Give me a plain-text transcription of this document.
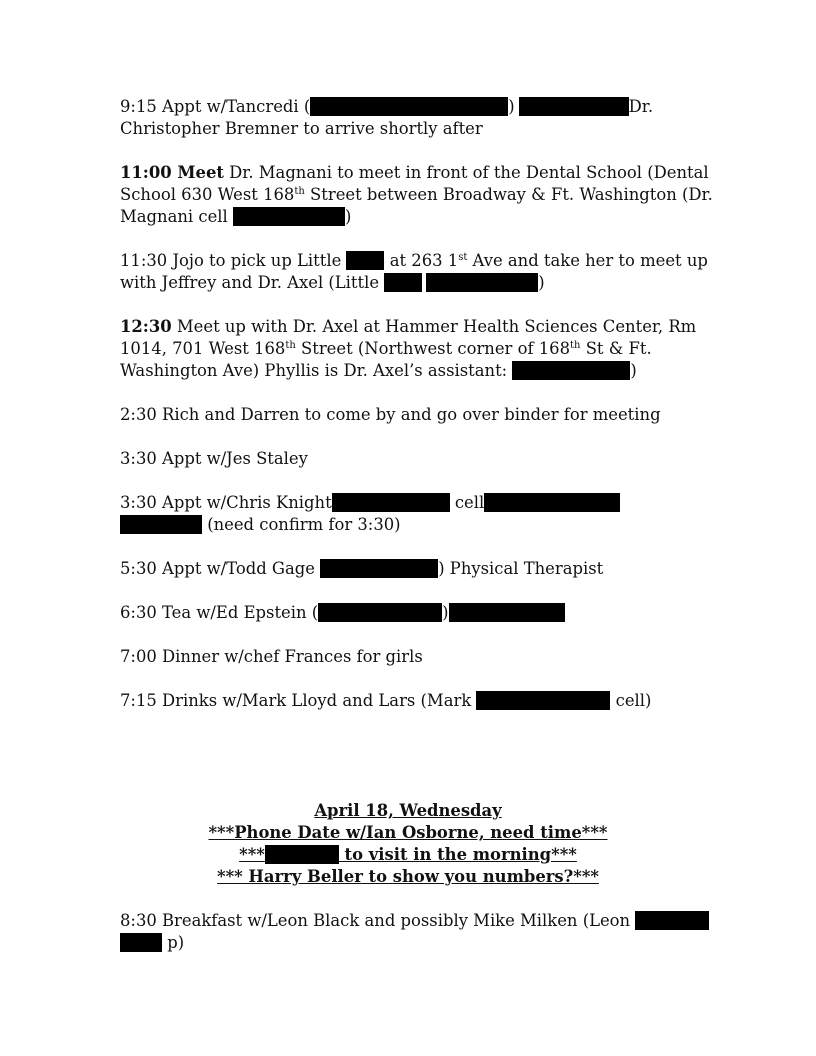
9:15 Appt w/Tancredi (	)	Dr.

Christopher Bremner to arrive shortly after

11:00 Meet Dr. Magnani to meet in front of the Dental School (Dental

School 630 West 168th Street between Broadway & Ft. Washington (Dr.

Magnani cell	)

11:30 Jojo to pick up Little  at 263 1st Ave and take her to meet up

with Jeffrey and Dr. Axel (Little	)

12:30 Meet up with Dr. Axel at Hammer Health Sciences Center, Rm

1014, 701 West 168th Street (Northwest corner of 168th St & Ft.

Washington Ave) Phyllis is Dr. Axel’s assistant:	)

2:30 Rich and Darren to come by and go over binder for meeting

3:30 Appt w/Jes Staley

3:30 Appt w/Chris Knight	cell

(need confirm for 3:30)

5:30 Appt w/Todd Gage	) Physical Therapist

6:30 Tea w/Ed Epstein (	)

7:00 Dinner w/chef Frances for girls

7:15 Drinks w/Mark Lloyd and Lars (Mark	cell)

April 18, Wednesday

***Phone Date w/Ian Osborne, need time***

***	to visit in the morning***

*** Harry Beller to show you numbers?***

8:30 Breakfast w/Leon Black and possibly Mike Milken (Leon

p)
